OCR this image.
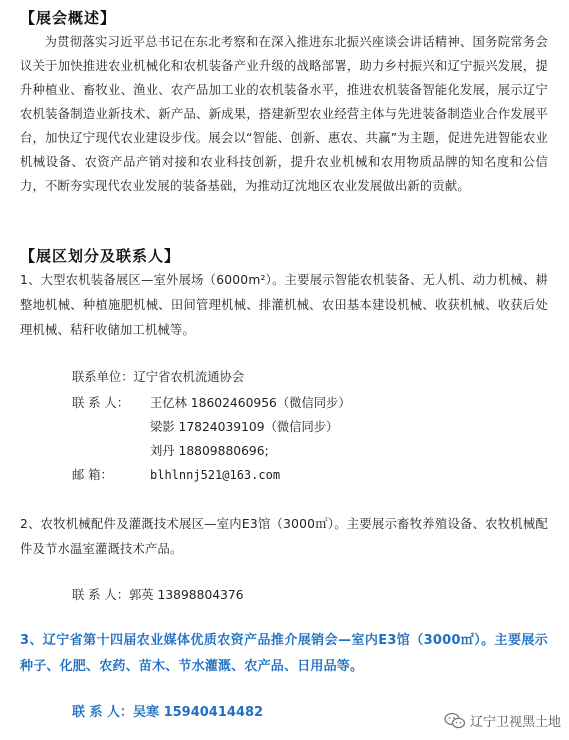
【展会概述】
为贯彻落实习近平总书记在东北考察和在深入推进东北振兴座谈会讲话精神、国务院常务会议关于加快推进农业机械化和农机装备产业升级的战略部署，助力乡村振兴和辽宁振兴发展，提升种植业、畜牧业、渔业、农产品加工业的农机装备水平，推进农机装备智能化发展，展示辽宁农机装备制造业新技术、新产品、新成果，搭建新型农业经营主体与先进装备制造业合作发展平台，加快辽宁现代农业建设步伐。展会以“智能、创新、惠农、共赢”为主题，促进先进智能农业机械设备、农资产品产销对接和农业科技创新，提升农业机械和农用物质品牌的知名度和公信力，不断夯实现代农业发展的装备基础，为推动辽沈地区农业发展做出新的贡献。
【展区划分及联系人】
1、大型农机装备展区—室外展场（6000m²）。主要展示智能农机装备、无人机、动力机械、耕整地机械、种植施肥机械、田间管理机械、排灌机械、农田基本建设机械、收获机械、收获后处理机械、秸秆收储加工机械等。
联系单位：辽宁省农机流通协会
联 系 人： 王亿林 18602460956（微信同步）
梁影 17824039109（微信同步）
刘丹 18809880696;
邮 箱：	blhlnnj521@163.com
2、农牧机械配件及灌溉技术展区—室内E3馆（3000㎡）。主要展示畜牧养殖设备、农牧机械配件及节水温室灌溉技术产品。
联 系 人：郭英 13898804376
3、辽宁省第十四届农业媒体优质农资产品推介展销会—室内E3馆（3000㎡）。主要展示种子、化肥、农药、苗木、节水灌溉、农产品、日用品等。
联 系 人：吴寒 15940414482
辽宁卫视黑土地
